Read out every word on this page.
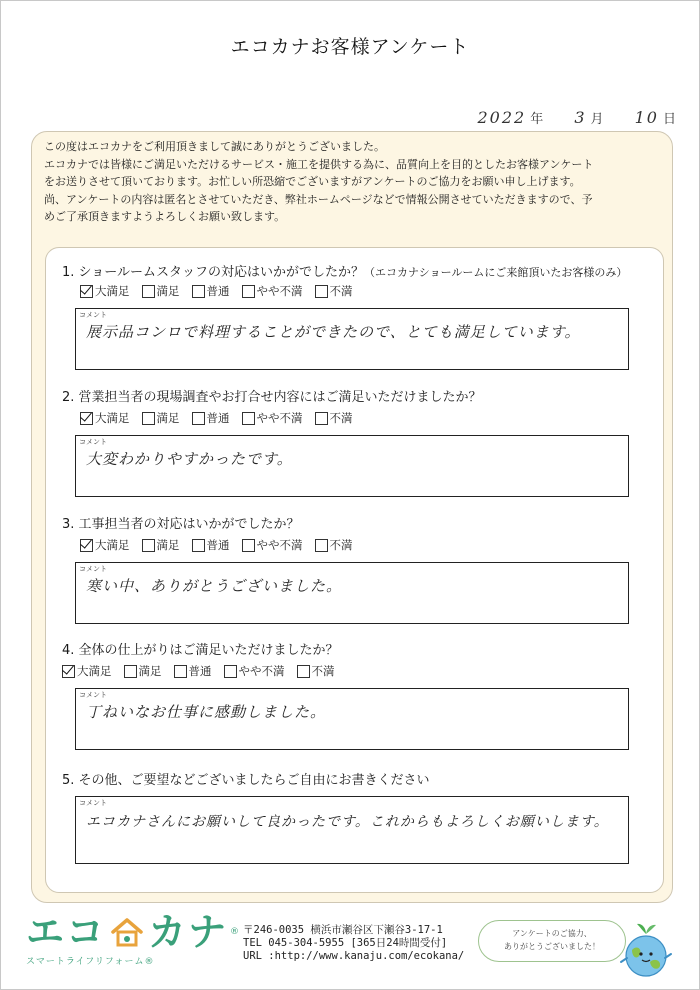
エコカナお客様アンケート
2022 年 3 月 10 日

この度はエコカナをご利用頂きまして誠にありがとうございました。

エコカナでは皆様にご満足いただけるサービス・施工を提供する為に、品質向上を目的としたお客様アンケート

をお送りさせて頂いております。お忙しい所恐縮でございますがアンケートのご協力をお願い申し上げます。

尚、アンケートの内容は匿名とさせていただき、弊社ホームページなどで情報公開させていただきますので、予

めご了承頂きますようよろしくお願い致します。

1. ショールームスタッフの対応はいかがでしたか？（エコカナショールームにご来館頂いたお客様のみ）
大満足 満足 普通 やや不満 不満
コメント
展示品コンロで料理することができたので、とても満足しています。
2. 営業担当者の現場調査やお打合せ内容にはご満足いただけましたか？
大満足 満足 普通 やや不満 不満
コメント
大変わかりやすかったです。
3. 工事担当者の対応はいかがでしたか？
大満足 満足 普通 やや不満 不満
コメント
寒い中、ありがとうございました。
4. 全体の仕上がりはご満足いただけましたか？
大満足 満足 普通 やや不満 不満
コメント
丁ねいなお仕事に感動しました。
5. その他、ご要望などございましたらご自由にお書きください
コメント
エコカナさんにお願いして良かったです。これからもよろしくお願いします。
エコ カナ ®
スマートライフリフォーム®
〒246-0035 横浜市瀬谷区下瀬谷3-17-1
TEL 045-304-5955 [365日24時間受付]
URL :http://www.kanaju.com/ecokana/
アンケートのご協力、
ありがとうございました！
